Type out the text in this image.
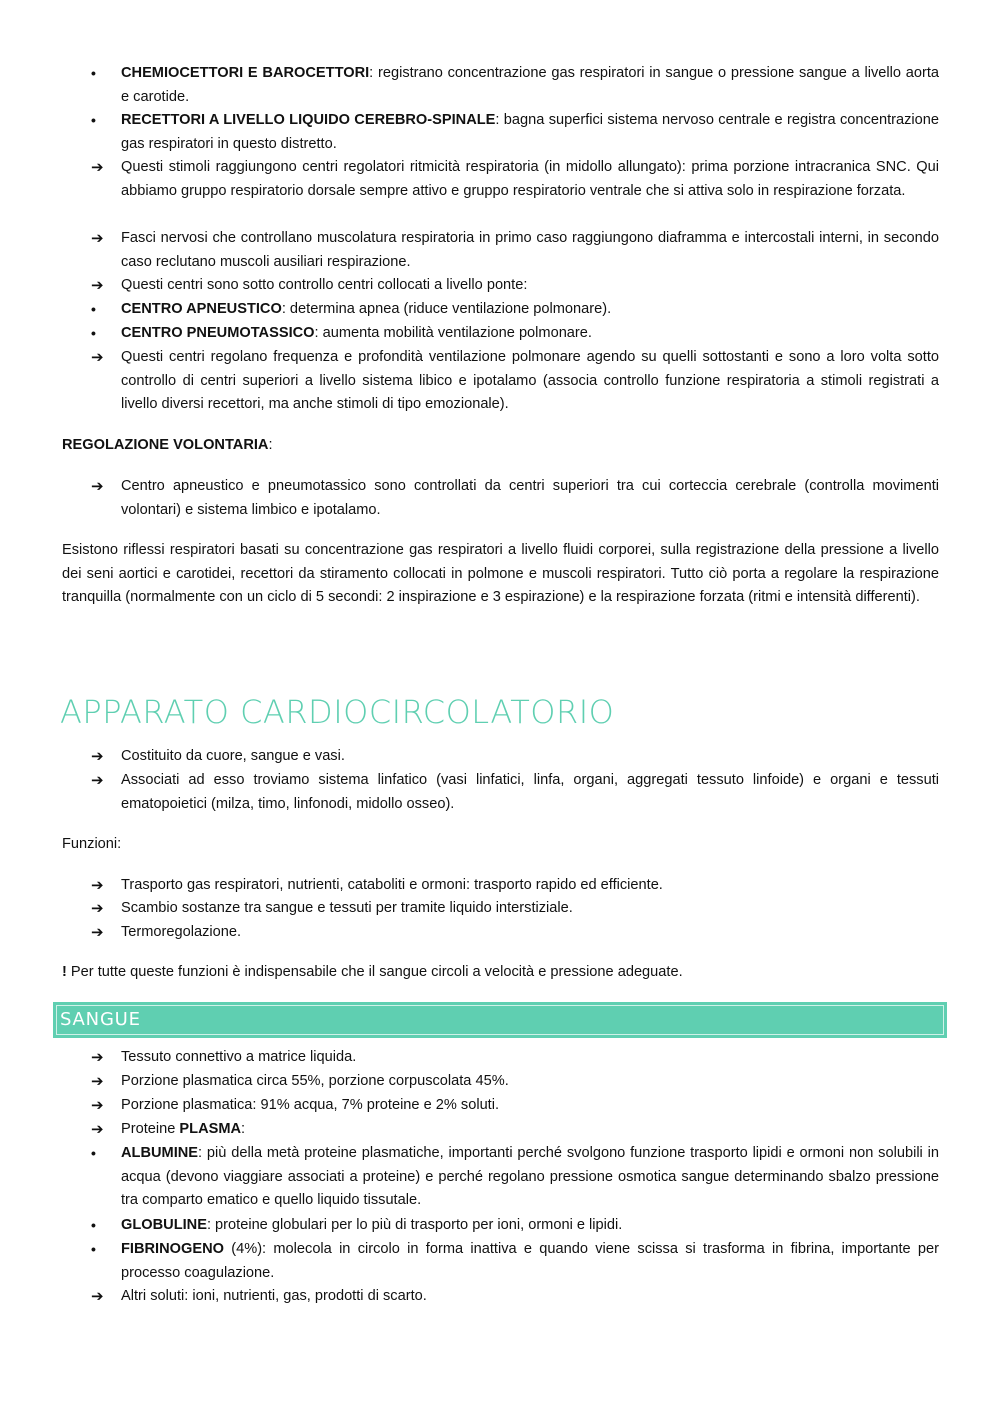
•	CHEMIOCETTORI E BAROCETTORI: registrano concentrazione gas respiratori in sangue o pressione sangue a livello aorta e carotide.

•	RECETTORI A LIVELLO LIQUIDO CEREBRO-SPINALE: bagna superfici sistema nervoso centrale e registra concentrazione gas respiratori in questo distretto.

➔	Questi stimoli raggiungono centri regolatori ritmicità respiratoria (in midollo allungato): prima porzione intracranica SNC. Qui abbiamo gruppo respiratorio dorsale sempre attivo e gruppo respiratorio ventrale che si attiva solo in respirazione forzata.

➔	Fasci nervosi che controllano muscolatura respiratoria in primo caso raggiungono diaframma e intercostali interni, in secondo caso reclutano muscoli ausiliari respirazione.

➔	Questi centri sono sotto controllo centri collocati a livello ponte:

•	CENTRO APNEUSTICO: determina apnea (riduce ventilazione polmonare).

•	CENTRO PNEUMOTASSICO: aumenta mobilità ventilazione polmonare.

➔	Questi centri regolano frequenza e profondità ventilazione polmonare agendo su quelli sottostanti e sono a loro volta sotto controllo di centri superiori a livello sistema libico e ipotalamo (associa controllo funzione respiratoria a stimoli registrati a livello diversi recettori, ma anche stimoli di tipo emozionale).

REGOLAZIONE VOLONTARIA:

➔	Centro apneustico e pneumotassico sono controllati da centri superiori tra cui corteccia cerebrale (controlla movimenti volontari) e sistema limbico e ipotalamo.

Esistono riflessi respiratori basati su concentrazione gas respiratori a livello fluidi corporei, sulla registrazione della pressione a livello dei seni aortici e carotidei, recettori da stiramento collocati in polmone e muscoli respiratori. Tutto ciò porta a regolare la respirazione tranquilla (normalmente con un ciclo di 5 secondi: 2 inspirazione e 3 espirazione) e la respirazione forzata (ritmi e intensità differenti).

APPARATO CARDIOCIRCOLATORIO
➔	Costituito da cuore, sangue e vasi.

➔	Associati ad esso troviamo sistema linfatico (vasi linfatici, linfa, organi, aggregati tessuto linfoide) e organi e tessuti ematopoietici (milza, timo, linfonodi, midollo osseo).

Funzioni:

➔	Trasporto gas respiratori, nutrienti, cataboliti e ormoni: trasporto rapido ed efficiente.

➔	Scambio sostanze tra sangue e tessuti per tramite liquido interstiziale.

➔	Termoregolazione.

! Per tutte queste funzioni è indispensabile che il sangue circoli a velocità e pressione adeguate.

SANGUE
➔	Tessuto connettivo a matrice liquida.

➔	Porzione plasmatica circa 55%, porzione corpuscolata 45%.

➔	Porzione plasmatica: 91% acqua, 7% proteine e 2% soluti.

➔	Proteine PLASMA:

•	ALBUMINE: più della metà proteine plasmatiche, importanti perché svolgono funzione trasporto lipidi e ormoni non solubili in acqua (devono viaggiare associati a proteine) e perché regolano pressione osmotica sangue determinando sbalzo pressione tra comparto ematico e quello liquido tissutale.

•	GLOBULINE: proteine globulari per lo più di trasporto per ioni, ormoni e lipidi.

•	FIBRINOGENO (4%): molecola in circolo in forma inattiva e quando viene scissa si trasforma in fibrina, importante per processo coagulazione.

➔	Altri soluti: ioni, nutrienti, gas, prodotti di scarto.
